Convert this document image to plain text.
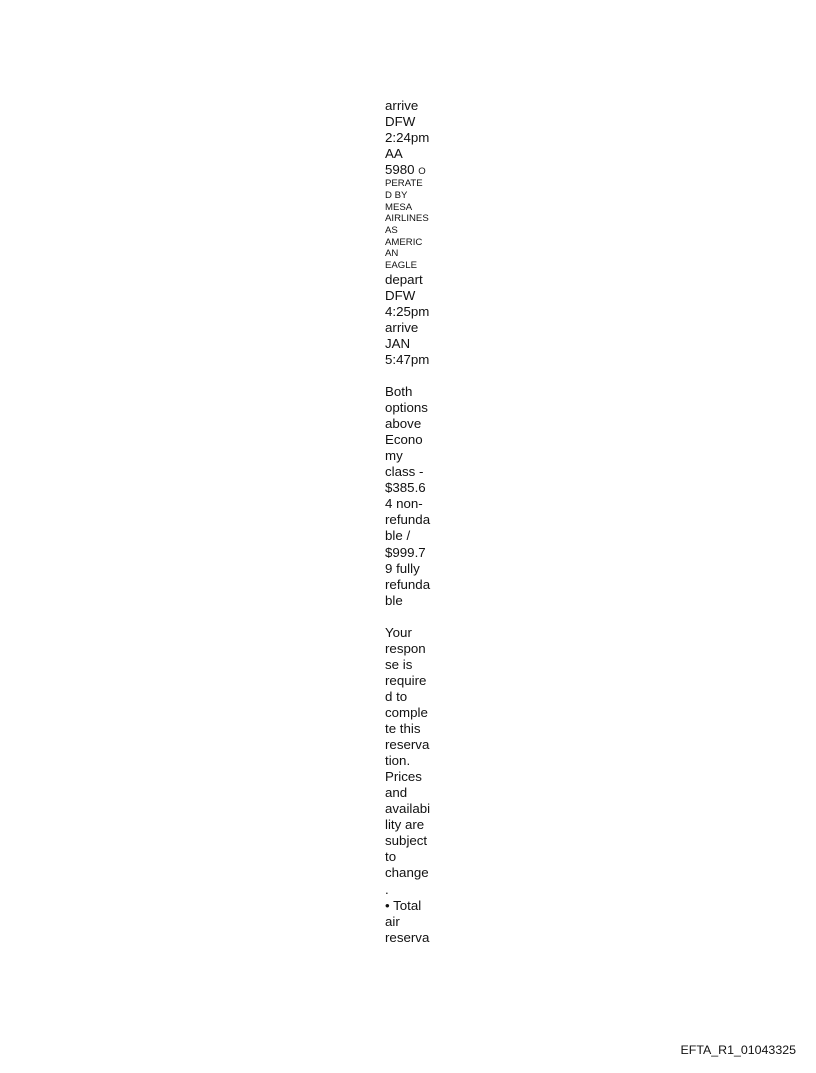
arrive
DFW
2:24pm
AA
5980 O
PERATE
D BY
MESA
AIRLINES
AS
AMERIC
AN
EAGLE
depart
DFW
4:25pm
arrive
JAN
5:47pm
Both
options
above
Econo
my
class -
$385.6
4 non-
refunda
ble /
$999.7
9 fully
refunda
ble
Your
respon
se is
require
d to
comple
te this
reserva
tion.
Prices
and
availabi
lity are
subject
to
change
.
• Total
air
reserva
EFTA_R1_01043325
